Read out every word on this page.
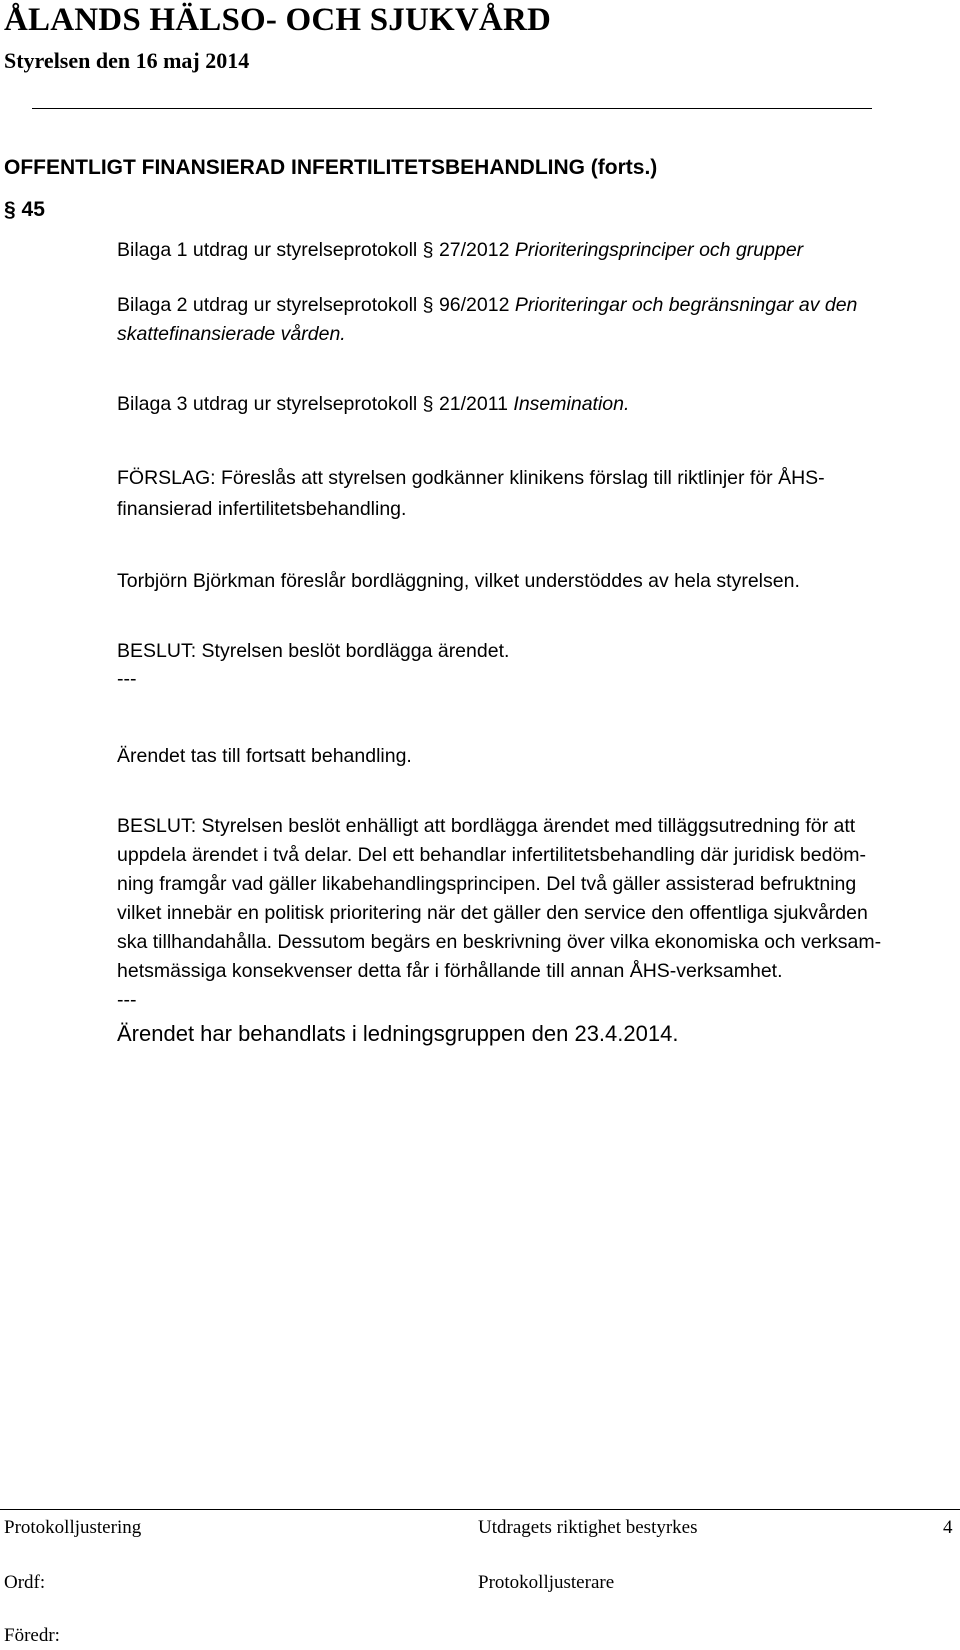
ÅLANDS HÄLSO- OCH SJUKVÅRD
Styrelsen den 16 maj 2014
OFFENTLIGT FINANSIERAD INFERTILITETSBEHANDLING (forts.)
§ 45
Bilaga 1 utdrag ur styrelseprotokoll § 27/2012 Prioriteringsprinciper och grupper
Bilaga 2 utdrag ur styrelseprotokoll § 96/2012 Prioriteringar och begränsningar av den
skattefinansierade vården.
Bilaga 3 utdrag ur styrelseprotokoll § 21/2011 Insemination.
FÖRSLAG: Föreslås att styrelsen godkänner klinikens förslag till riktlinjer för ÅHS-
finansierad infertilitetsbehandling.
Torbjörn Björkman föreslår bordläggning, vilket understöddes av hela styrelsen.
BESLUT: Styrelsen beslöt bordlägga ärendet.
---
Ärendet tas till fortsatt behandling.
BESLUT: Styrelsen beslöt enhälligt att bordlägga ärendet med tilläggsutredning för att
uppdela ärendet i två delar. Del ett behandlar infertilitetsbehandling där juridisk bedöm-
ning framgår vad gäller likabehandlingsprincipen. Del två gäller assisterad befruktning
vilket innebär en politisk prioritering när det gäller den service den offentliga sjukvården
ska tillhandahålla. Dessutom begärs en beskrivning över vilka ekonomiska och verksam-
hetsmässiga konsekvenser detta får i förhållande till annan ÅHS-verksamhet.
---
Ärendet har behandlats i ledningsgruppen den 23.4.2014.
Protokolljustering	Utdragets riktighet bestyrkes	4
Ordf:	Protokolljusterare
Föredr:
